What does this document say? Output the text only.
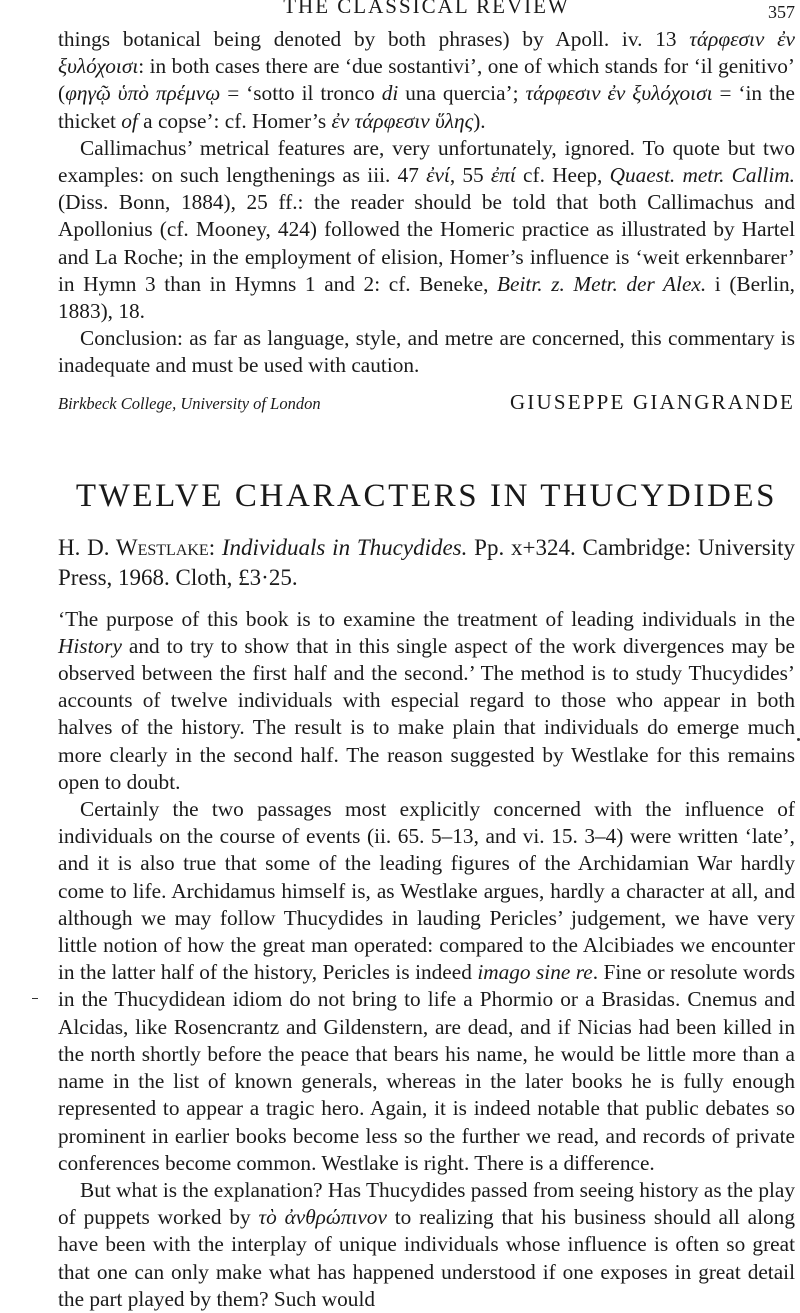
THE CLASSICAL REVIEW	357

things botanical being denoted by both phrases) by Apoll. iv. 13 τάρφεσιν ἐν ξυλόχοισι: in both cases there are ‘due sostantivi’, one of which stands for ‘il genitivo’ (φηγῷ ὑπὸ πρέμνῳ = ‘sotto il tronco di una quercia’; τάρφεσιν ἐν ξυλόχοισι = ‘in the thicket of a copse’: cf. Homer’s ἐν τάρφεσιν ὕλης).

Callimachus’ metrical features are, very unfortunately, ignored. To quote but two examples: on such lengthenings as iii. 47 ἐνί, 55 ἐπί cf. Heep, Quaest. metr. Callim. (Diss. Bonn, 1884), 25 ff.: the reader should be told that both Callimachus and Apollonius (cf. Mooney, 424) followed the Homeric practice as illustrated by Hartel and La Roche; in the employment of elision, Homer’s influence is ‘weit erkennbarer’ in Hymn 3 than in Hymns 1 and 2: cf. Beneke, Beitr. z. Metr. der Alex. i (Berlin, 1883), 18.

Conclusion: as far as language, style, and metre are concerned, this commentary is inadequate and must be used with caution.

Birkbeck College, University of London	GIUSEPPE GIANGRANDE
TWELVE CHARACTERS IN THUCYDIDES
H. D. Westlake: Individuals in Thucydides. Pp. x+324. Cambridge: University Press, 1968. Cloth, £3·25.

‘The purpose of this book is to examine the treatment of leading individuals in the History and to try to show that in this single aspect of the work divergences may be observed between the first half and the second.’ The method is to study Thucydides’ accounts of twelve individuals with especial regard to those who appear in both halves of the history. The result is to make plain that individuals do emerge much more clearly in the second half. The reason suggested by Westlake for this remains open to doubt.

Certainly the two passages most explicitly concerned with the influence of individuals on the course of events (ii. 65. 5–13, and vi. 15. 3–4) were written ‘late’, and it is also true that some of the leading figures of the Archidamian War hardly come to life. Archidamus himself is, as Westlake argues, hardly a character at all, and although we may follow Thucydides in lauding Pericles’ judgement, we have very little notion of how the great man operated: compared to the Alcibiades we encounter in the latter half of the history, Pericles is indeed imago sine re. Fine or resolute words in the Thucydidean idiom do not bring to life a Phormio or a Brasidas. Cnemus and Alcidas, like Rosencrantz and Gildenstern, are dead, and if Nicias had been killed in the north shortly before the peace that bears his name, he would be little more than a name in the list of known generals, whereas in the later books he is fully enough represented to appear a tragic hero. Again, it is indeed notable that public debates so prominent in earlier books become less so the further we read, and records of private conferences become common. Westlake is right. There is a difference.

But what is the explanation? Has Thucydides passed from seeing history as the play of puppets worked by τὸ ἀνθρώπινον to realizing that his business should all along have been with the interplay of unique individuals whose influence is often so great that one can only make what has happened understood if one exposes in great detail the part played by them? Such would
